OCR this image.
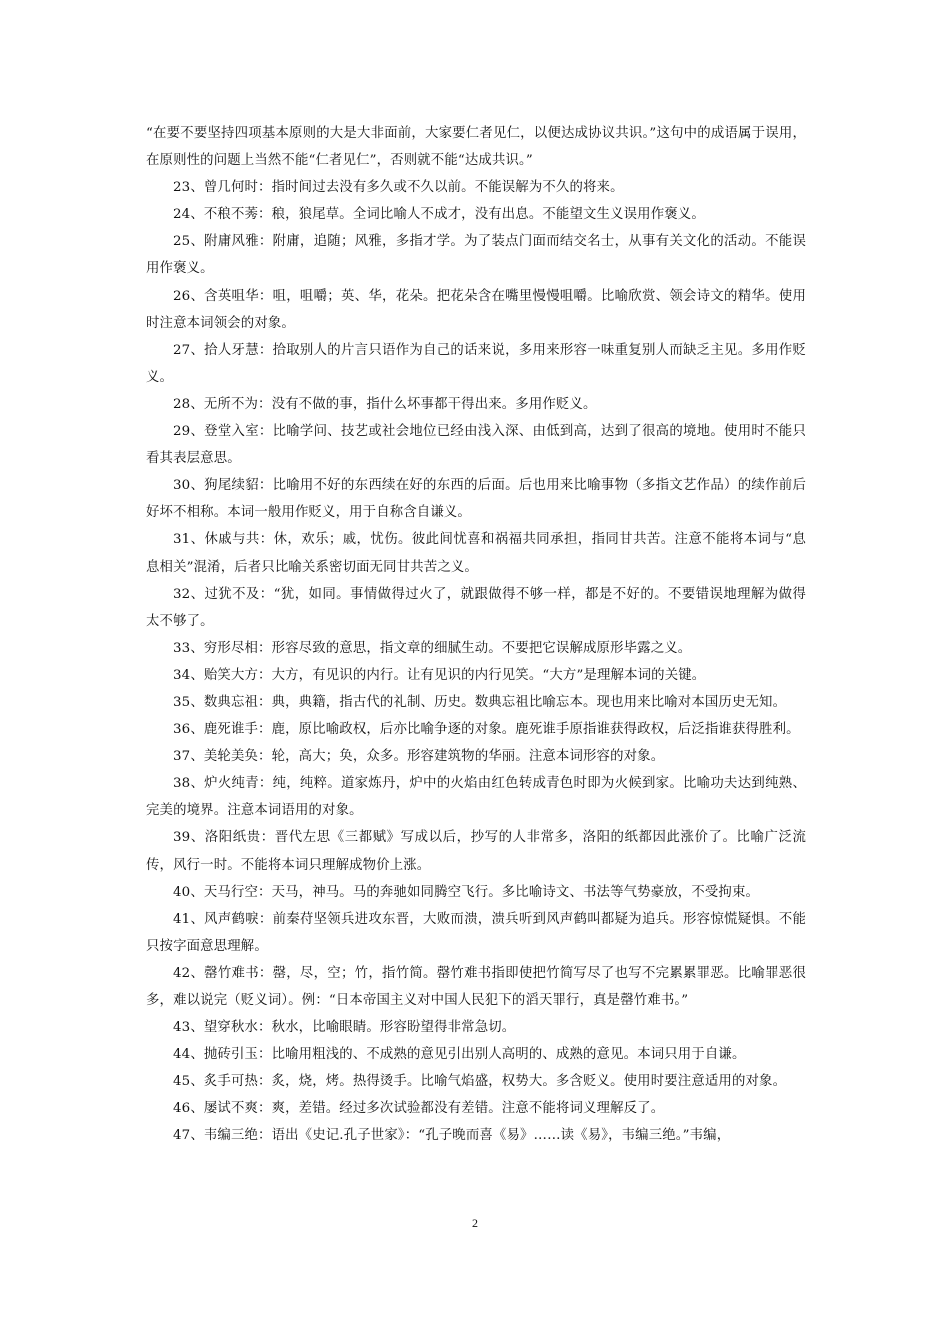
“在要不要坚持四项基本原则的大是大非面前，大家要仁者见仁，以便达成协议共识。”这句中的成语属于误用，在原则性的问题上当然不能“仁者见仁”，否则就不能“达成共识。”

23、曾几何时：指时间过去没有多久或不久以前。不能误解为不久的将来。

24、不稂不莠：稂，狼尾草。全词比喻人不成才，没有出息。不能望文生义误用作褒义。

25、附庸风雅：附庸，追随；风雅，多指才学。为了装点门面而结交名士，从事有关文化的活动。不能误用作褒义。

26、含英咀华：咀，咀嚼；英、华，花朵。把花朵含在嘴里慢慢咀嚼。比喻欣赏、领会诗文的精华。使用时注意本词领会的对象。

27、拾人牙慧：拾取别人的片言只语作为自己的话来说，多用来形容一味重复别人而缺乏主见。多用作贬义。

28、无所不为：没有不做的事，指什么坏事都干得出来。多用作贬义。

29、登堂入室：比喻学问、技艺或社会地位已经由浅入深、由低到高，达到了很高的境地。使用时不能只看其表层意思。

30、狗尾续貂：比喻用不好的东西续在好的东西的后面。后也用来比喻事物（多指文艺作品）的续作前后好坏不相称。本词一般用作贬义，用于自称含自谦义。

31、休戚与共：休，欢乐；戚，忧伤。彼此间忧喜和祸福共同承担，指同甘共苦。注意不能将本词与“息息相关”混淆，后者只比喻关系密切面无同甘共苦之义。

32、过犹不及：“犹，如同。事情做得过火了，就跟做得不够一样，都是不好的。不要错误地理解为做得太不够了。

33、穷形尽相：形容尽致的意思，指文章的细腻生动。不要把它误解成原形毕露之义。

34、贻笑大方：大方，有见识的内行。让有见识的内行见笑。“大方”是理解本词的关键。

35、数典忘祖：典，典籍，指古代的礼制、历史。数典忘祖比喻忘本。现也用来比喻对本国历史无知。

36、鹿死谁手：鹿，原比喻政权，后亦比喻争逐的对象。鹿死谁手原指谁获得政权，后泛指谁获得胜利。

37、美轮美奂：轮，高大；奂，众多。形容建筑物的华丽。注意本词形容的对象。

38、炉火纯青：纯，纯粹。道家炼丹，炉中的火焰由红色转成青色时即为火候到家。比喻功夫达到纯熟、完美的境界。注意本词语用的对象。

39、洛阳纸贵：晋代左思《三都赋》写成以后，抄写的人非常多，洛阳的纸都因此涨价了。比喻广泛流传，风行一时。不能将本词只理解成物价上涨。

40、天马行空：天马，神马。马的奔驰如同腾空飞行。多比喻诗文、书法等气势豪放，不受拘束。

41、风声鹤唳：前秦苻坚领兵进攻东晋，大败而溃，溃兵听到风声鹤叫都疑为追兵。形容惊慌疑惧。不能只按字面意思理解。

42、罄竹难书：罄，尽，空；竹，指竹简。罄竹难书指即使把竹简写尽了也写不完累累罪恶。比喻罪恶很多，难以说完（贬义词）。例：“日本帝国主义对中国人民犯下的滔天罪行，真是罄竹难书。”

43、望穿秋水：秋水，比喻眼睛。形容盼望得非常急切。

44、抛砖引玉：比喻用粗浅的、不成熟的意见引出别人高明的、成熟的意见。本词只用于自谦。

45、炙手可热：炙，烧，烤。热得烫手。比喻气焰盛，权势大。多含贬义。使用时要注意适用的对象。

46、屡试不爽：爽，差错。经过多次试验都没有差错。注意不能将词义理解反了。

47、韦编三绝：语出《史记.孔子世家》：“孔子晚而喜《易》……读《易》，韦编三绝。”韦编，

2
